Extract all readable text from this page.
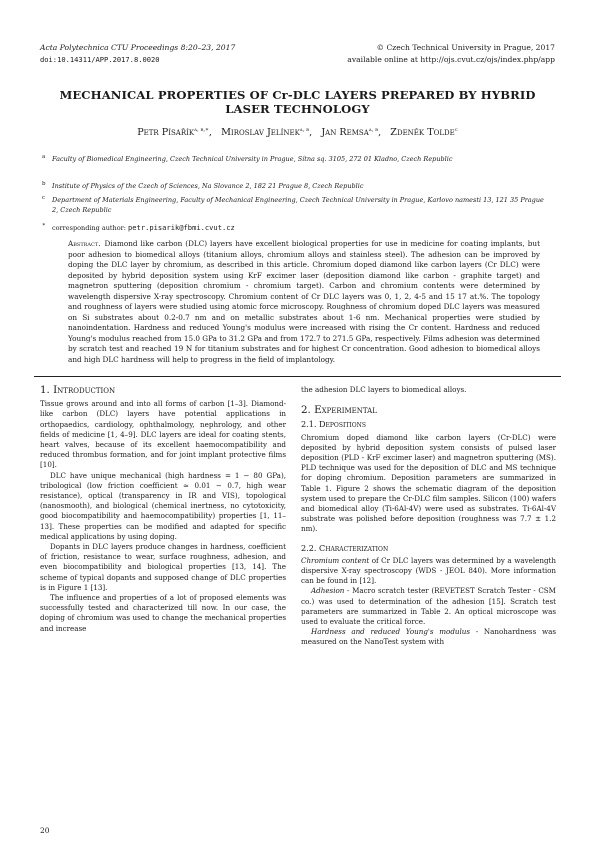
Acta Polytechnica CTU Proceedings 8:20–23, 2017
doi:10.14311/APP.2017.8.0020
© Czech Technical University in Prague, 2017
available online at http://ojs.cvut.cz/ojs/index.php/app
MECHANICAL PROPERTIES OF Cr-DLC LAYERS PREPARED BY HYBRID LASER TECHNOLOGY
Petr Písařík$^{a, b,∗}$,   Miroslav Jelínek$^{a, b}$,   Jan Remsa$^{a, b}$,   Zdeněk Tolde$^c$
a Faculty of Biomedical Engineering, Czech Technical University in Prague, Sítna sq. 3105, 272 01 Kladno, Czech Republic
b Institute of Physics of the Czech of Sciences, Na Slovance 2, 182 21 Prague 8, Czech Republic
c Department of Materials Engineering, Faculty of Mechanical Engineering, Czech Technical University in Prague, Karlovo namesti 13, 121 35 Prague 2, Czech Republic
∗ corresponding author: petr.pisarik@fbmi.cvut.cz
Abstract. Diamond like carbon (DLC) layers have excellent biological properties for use in medicine for coating implants, but poor adhesion to biomedical alloys (titanium alloys, chromium alloys and stainless steel). The adhesion can be improved by doping the DLC layer by chromium, as described in this article. Chromium doped diamond like carbon layers (Cr DLC) were deposited by hybrid deposition system using KrF excimer laser (deposition diamond like carbon - graphite target) and magnetron sputtering (deposition chromium - chromium target). Carbon and chromium contents were determined by wavelength dispersive X-ray spectroscopy. Chromium content of Cr DLC layers was 0, 1, 2, 4-5 and 15 17 at.%. The topology and roughness of layers were studied using atomic force microscopy. Roughness of chromium doped DLC layers was measured on Si substrates about 0.2-0.7 nm and on metallic substrates about 1-6 nm. Mechanical properties were studied by nanoindentation. Hardness and reduced Young's modulus were increased with rising the Cr content. Hardness and reduced Young's modulus reached from 15.0 GPa to 31.2 GPa and from 172.7 to 271.5 GPa, respectively. Films adhesion was determined by scratch test and reached 19 N for titanium substrates and for highest Cr concentration. Good adhesion to biomedical alloys and high DLC hardness will help to progress in the field of implantology.
1. Introduction

Tissue grows around and into all forms of carbon [1–3]. Diamond-like carbon (DLC) layers have potential applications in orthopaedics, cardiology, ophthalmology, nephrology, and other fields of medicine [1, 4–9]. DLC layers are ideal for coating stents, heart valves, because of its excellent haemocompatibility and reduced thrombus formation, and for joint implant protective films [10].

DLC have unique mechanical (high hardness = 1 − 80 GPa), tribological (low friction coefficient ≈ 0.01 − 0.7, high wear resistance), optical (transparency in IR and VIS), topological (nanosmooth), and biological (chemical inertness, no cytotoxicity, good biocompatibility and haemocompatibility) properties [1, 11–13]. These properties can be modified and adapted for specific medical applications by using doping.

Dopants in DLC layers produce changes in hardness, coefficient of friction, resistance to wear, surface roughness, adhesion, and even biocompatibility and biological properties [13, 14]. The scheme of typical dopants and supposed change of DLC properties is in Figure 1 [13].

The influence and properties of a lot of proposed elements was successfully tested and characterized till now. In our case, the doping of chromium was used to change the mechanical properties and increase

the adhesion DLC layers to biomedical alloys.

2. Experimental
2.1. Depositions

Chromium doped diamond like carbon layers (Cr-DLC) were deposited by hybrid deposition system consists of pulsed laser deposition (PLD - KrF excimer laser) and magnetron sputtering (MS). PLD technique was used for the deposition of DLC and MS technique for doping chromium. Deposition parameters are summarized in Table 1. Figure 2 shows the schematic diagram of the deposition system used to prepare the Cr-DLC film samples. Silicon (100) wafers and biomedical alloy (Ti-6Al-4V) were used as substrates. Ti-6Al-4V substrate was polished before deposition (roughness was 7.7 ± 1.2 nm).

2.2. Characterization

Chromium content of Cr DLC layers was determined by a wavelength dispersive X-ray spectroscopy (WDS - JEOL 840). More information can be found in [12].

Adhesion - Macro scratch tester (REVETEST Scratch Tester - CSM co.) was used to determination of the adhesion [15]. Scratch test parameters are summarized in Table 2. An optical microscope was used to evaluate the critical force.

Hardness and reduced Young's modulus - Nanohardness was measured on the NanoTest system with

20
